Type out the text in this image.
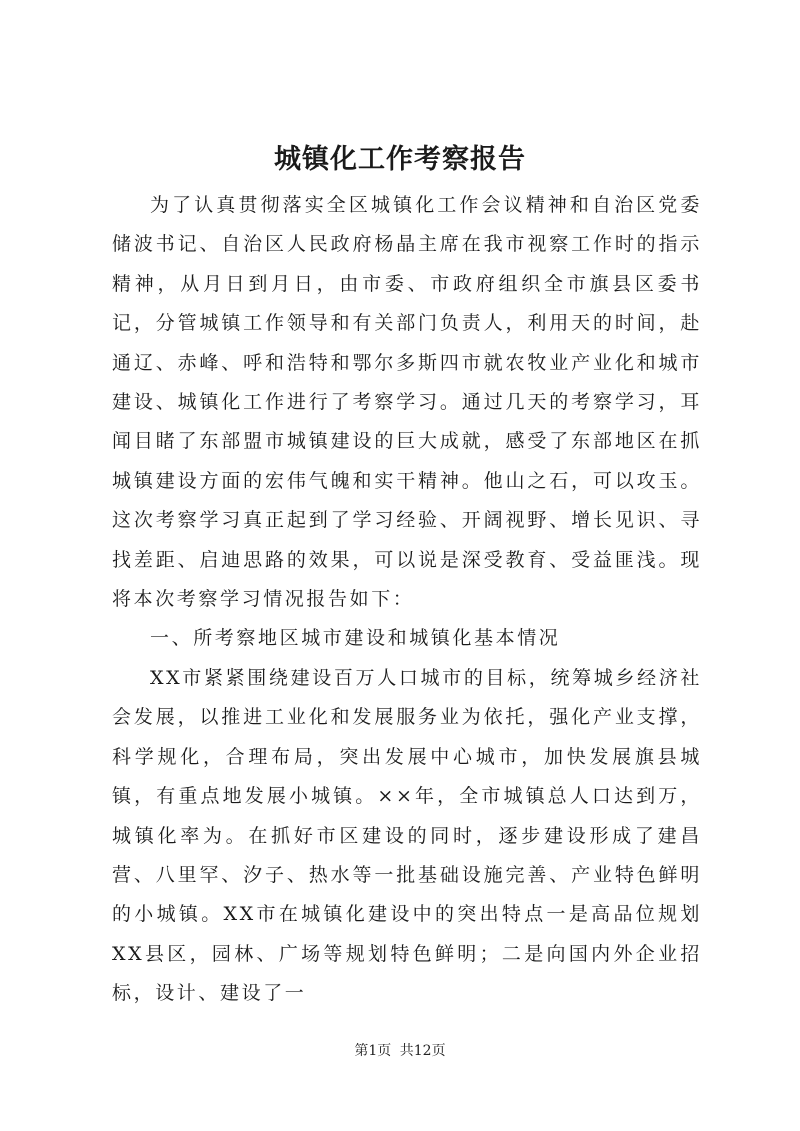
城镇化工作考察报告

为了认真贯彻落实全区城镇化工作会议精神和自治区党委储波书记、自治区人民政府杨晶主席在我市视察工作时的指示精神，从月日到月日，由市委、市政府组织全市旗县区委书记，分管城镇工作领导和有关部门负责人，利用天的时间，赴通辽、赤峰、呼和浩特和鄂尔多斯四市就农牧业产业化和城市建设、城镇化工作进行了考察学习。通过几天的考察学习，耳闻目睹了东部盟市城镇建设的巨大成就，感受了东部地区在抓城镇建设方面的宏伟气魄和实干精神。他山之石，可以攻玉。这次考察学习真正起到了学习经验、开阔视野、增长见识、寻找差距、启迪思路的效果，可以说是深受教育、受益匪浅。现将本次考察学习情况报告如下：

一、所考察地区城市建设和城镇化基本情况

XX市紧紧围绕建设百万人口城市的目标，统筹城乡经济社会发展，以推进工业化和发展服务业为依托，强化产业支撑，科学规化，合理布局，突出发展中心城市，加快发展旗县城镇，有重点地发展小城镇。××年，全市城镇总人口达到万，城镇化率为。在抓好市区建设的同时，逐步建设形成了建昌营、八里罕、汐子、热水等一批基础设施完善、产业特色鲜明的小城镇。XX市在城镇化建设中的突出特点一是高品位规划XX县区，园林、广场等规划特色鲜明；二是向国内外企业招标，设计、建设了一

第1页 共12页
